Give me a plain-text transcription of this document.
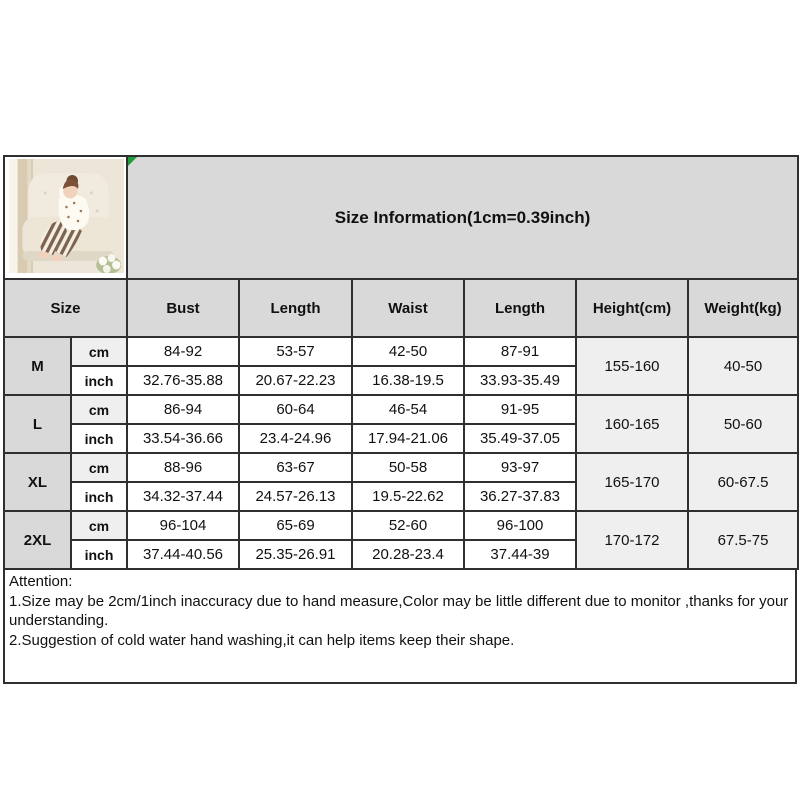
Size Information(1cm=0.39inch)					
Size		Bust	Length	Waist	Length	Height(cm)	Weight(kg)
M	cm	84-92	53-57	42-50	87-91	155-160	40-50
	inch	32.76-35.88	20.67-22.23	16.38-19.5	33.93-35.49		
L	cm	86-94	60-64	46-54	91-95	160-165	50-60
	inch	33.54-36.66	23.4-24.96	17.94-21.06	35.49-37.05		
XL	cm	88-96	63-67	50-58	93-97	165-170	60-67.5
	inch	34.32-37.44	24.57-26.13	19.5-22.62	36.27-37.83		
2XL	cm	96-104	65-69	52-60	96-100	170-172	67.5-75
	inch	37.44-40.56	25.35-26.91	20.28-23.4	37.44-39		
Attention:
1.Size may be 2cm/1inch inaccuracy due to hand measure,Color may be little different due to monitor ,thanks for your understanding.
2.Suggestion of cold water hand washing,it can help items keep their shape.
